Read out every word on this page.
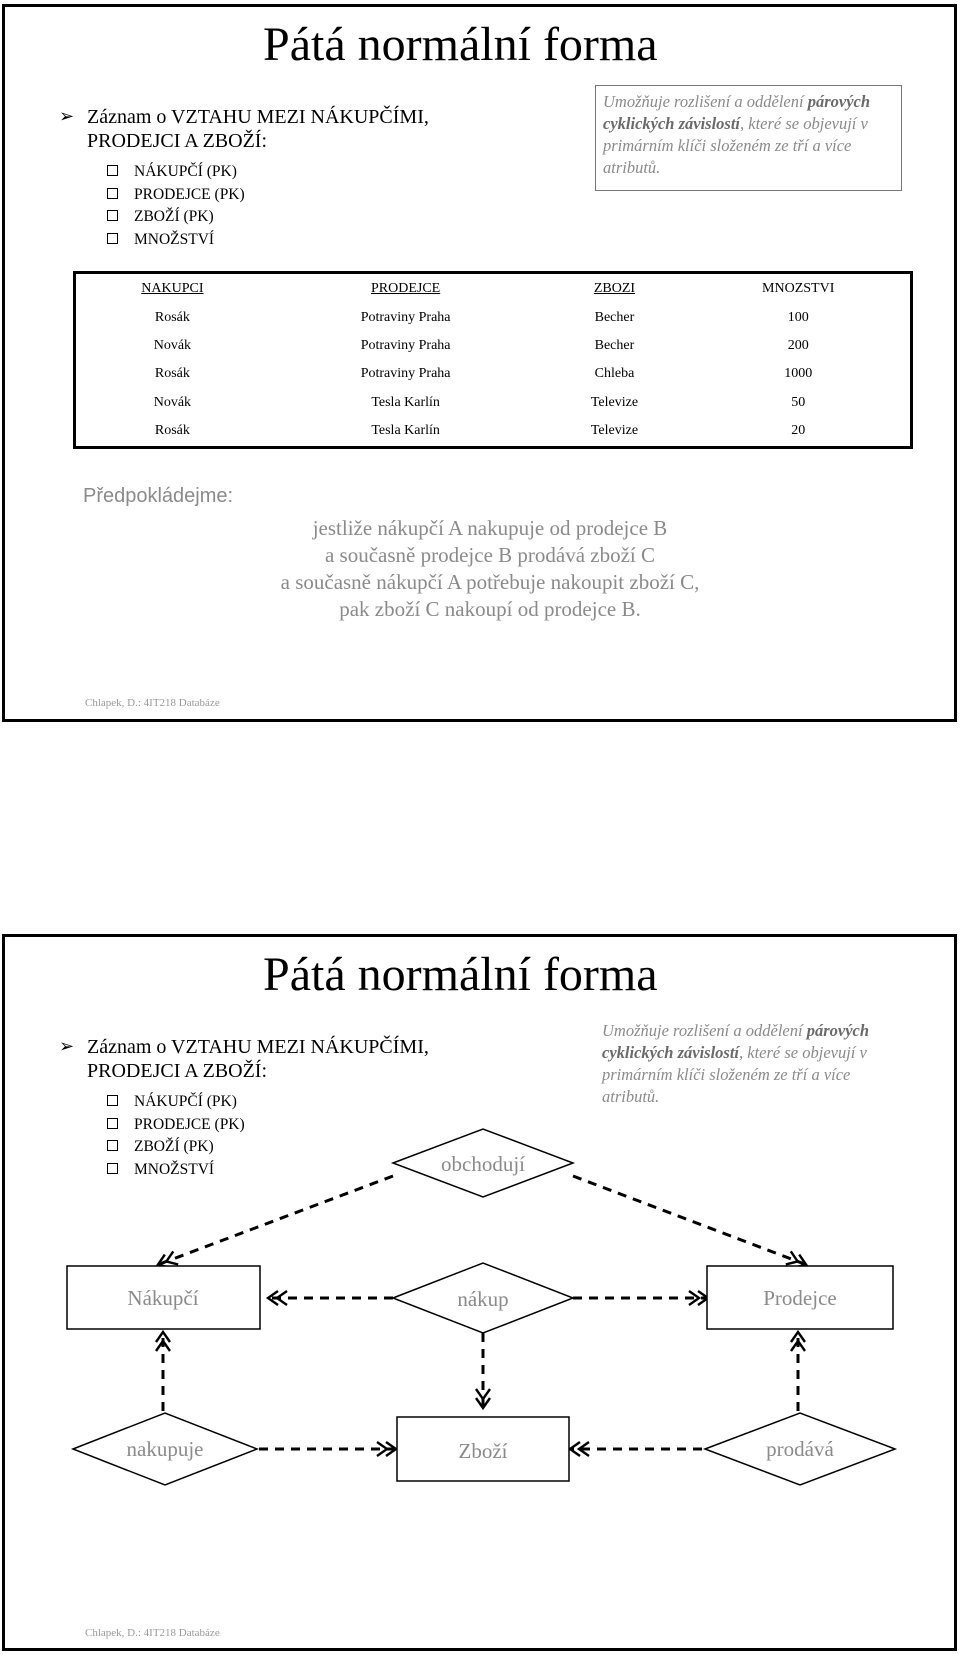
Pátá normální forma
➢ Záznam o VZTAHU MEZI NÁKUPČÍMI,
PRODEJCI A ZBOŽÍ:
NÁKUPČÍ (PK)
PRODEJCE (PK)
ZBOŽÍ (PK)
MNOŽSTVÍ
Umožňuje rozlišení a oddělení párových cyklických závislostí, které se objevují v primárním klíči složeném ze tří a více atributů.
NAKUPCI	PRODEJCE	ZBOZI	MNOZSTVI
Rosák	Potraviny Praha	Becher	100
Novák	Potraviny Praha	Becher	200
Rosák	Potraviny Praha	Chleba	1000
Novák	Tesla Karlín	Televize	50
Rosák	Tesla Karlín	Televize	20
Předpokládejme:
jestliže nákupčí A nakupuje od prodejce B
a současně prodejce B prodává zboží C
a současně nákupčí A potřebuje nakoupit zboží C,
pak zboží C nakoupí od prodejce B.
Chlapek, D.: 4IT218 Databáze
Pátá normální forma
➢ Záznam o VZTAHU MEZI NÁKUPČÍMI,
PRODEJCI A ZBOŽÍ:
NÁKUPČÍ (PK)
PRODEJCE (PK)
ZBOŽÍ (PK)
MNOŽSTVÍ
Umožňuje rozlišení a oddělení párových cyklických závislostí, které se objevují v primárním klíči složeném ze tří a více atributů.
obchodují
Nákupčí	nákup	Prodejce
nakupuje	Zboží	prodává
Chlapek, D.: 4IT218 Databáze
